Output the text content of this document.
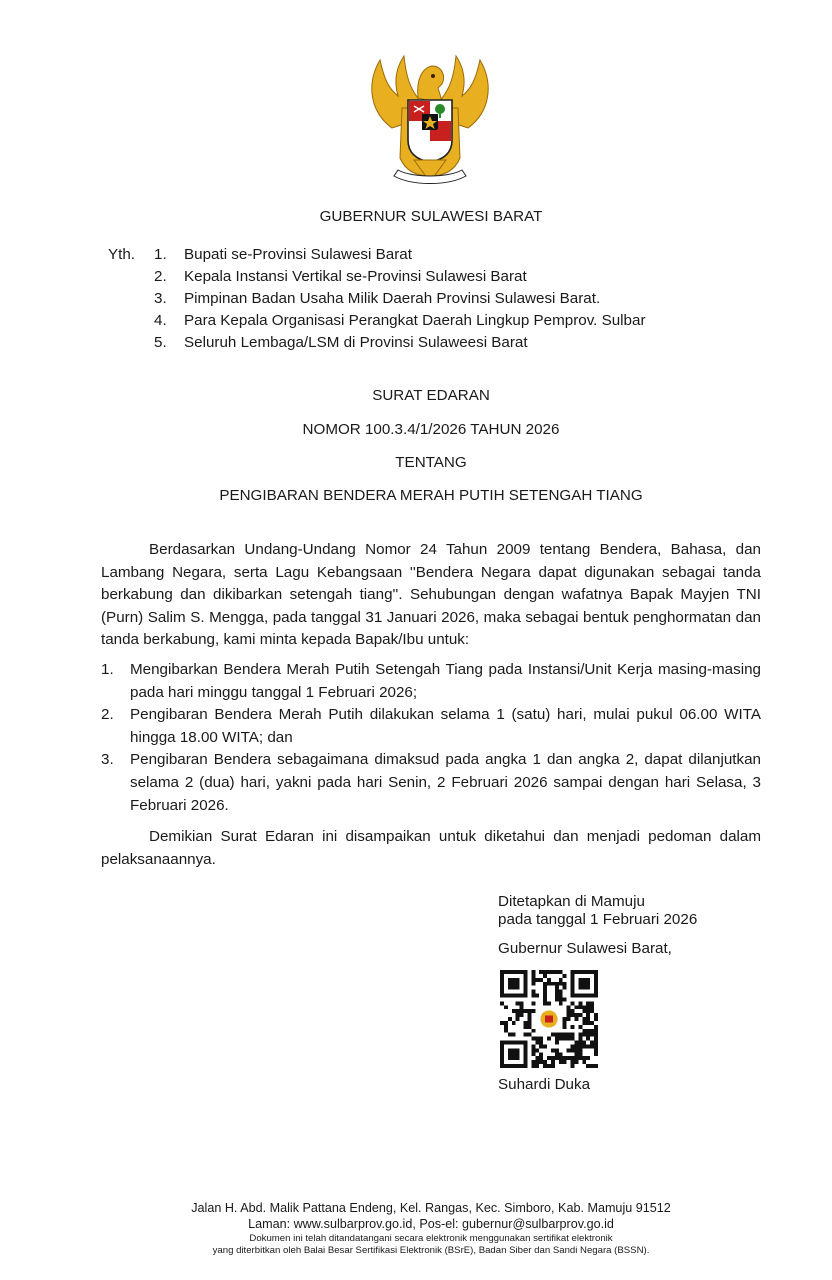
GUBERNUR SULAWESI BARAT
Yth. 1. Bupati se-Provinsi Sulawesi Barat
2. Kepala Instansi Vertikal se-Provinsi Sulawesi Barat
3. Pimpinan Badan Usaha Milik Daerah Provinsi Sulawesi Barat.
4. Para Kepala Organisasi Perangkat Daerah Lingkup Pemprov. Sulbar
5. Seluruh Lembaga/LSM di Provinsi Sulaweesi Barat
SURAT EDARAN
NOMOR 100.3.4/1/2026 TAHUN 2026
TENTANG
PENGIBARAN BENDERA MERAH PUTIH SETENGAH TIANG

Berdasarkan Undang-Undang Nomor 24 Tahun 2009 tentang Bendera, Bahasa, dan Lambang Negara, serta Lagu Kebangsaan ''Bendera Negara dapat digunakan sebagai tanda berkabung dan dikibarkan setengah tiang''. Sehubungan dengan wafatnya Bapak Mayjen TNI (Purn) Salim S. Mengga, pada tanggal 31 Januari 2026, maka sebagai bentuk penghormatan dan tanda berkabung, kami minta kepada Bapak/Ibu untuk:

1. Mengibarkan Bendera Merah Putih Setengah Tiang pada Instansi/Unit Kerja masing-masing pada hari minggu tanggal 1 Februari 2026;
2. Pengibaran Bendera Merah Putih dilakukan selama 1 (satu) hari, mulai pukul 06.00 WITA hingga 18.00 WITA; dan
3. Pengibaran Bendera sebagaimana dimaksud pada angka 1 dan angka 2, dapat dilanjutkan selama 2 (dua) hari, yakni pada hari Senin, 2 Februari 2026 sampai dengan hari Selasa, 3 Februari 2026.

Demikian Surat Edaran ini disampaikan untuk diketahui dan menjadi pedoman dalam pelaksanaannya.

Ditetapkan di Mamuju
pada tanggal 1 Februari 2026
Gubernur Sulawesi Barat,
Suhardi Duka
Jalan H. Abd. Malik Pattana Endeng, Kel. Rangas, Kec. Simboro, Kab. Mamuju 91512
Laman: www.sulbarprov.go.id, Pos-el: gubernur@sulbarprov.go.id
Dokumen ini telah ditandatangani secara elektronik menggunakan sertifikat elektronik
yang diterbitkan oleh Balai Besar Sertifikasi Elektronik (BSrE), Badan Siber dan Sandi Negara (BSSN).
